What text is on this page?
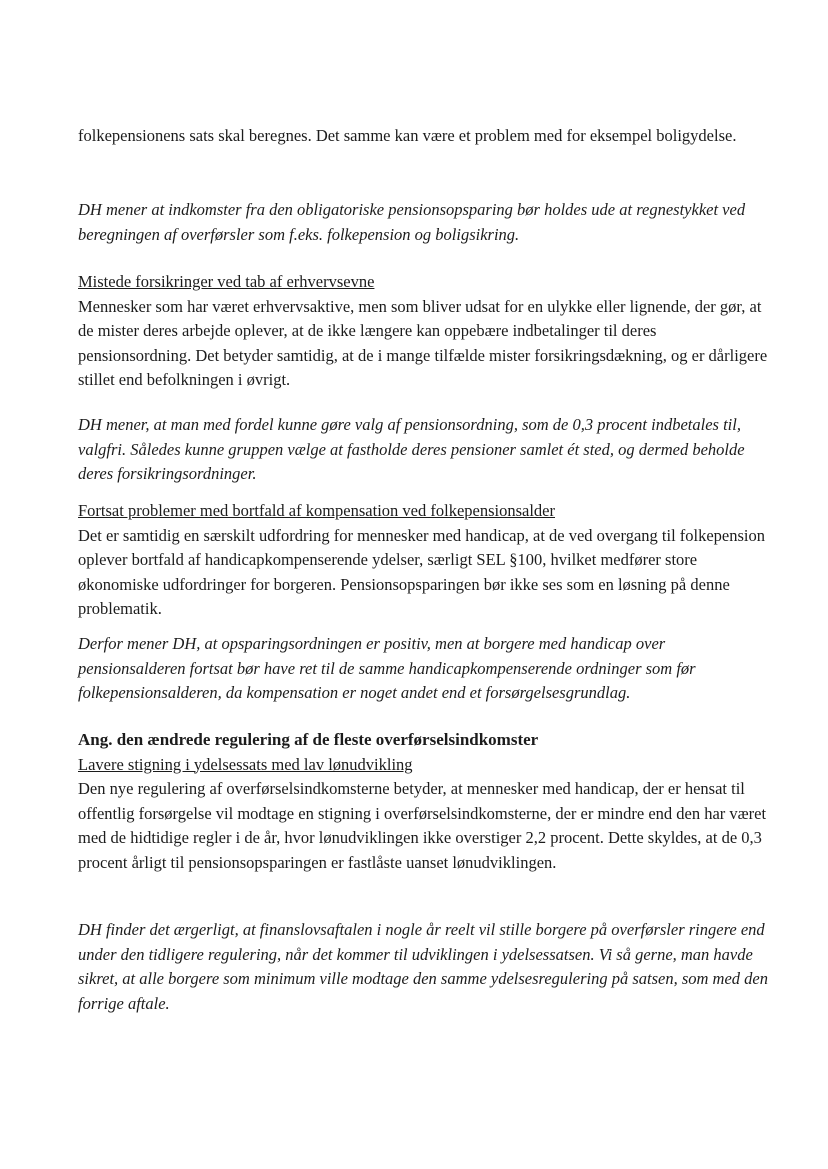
folkepensionens sats skal beregnes. Det samme kan være et problem med for eksempel boligydelse.

DH mener at indkomster fra den obligatoriske pensionsopsparing bør holdes ude at regnestykket ved beregningen af overførsler som f.eks. folkepension og boligsikring.

Mistede forsikringer ved tab af erhvervsevne

Mennesker som har været erhvervsaktive, men som bliver udsat for en ulykke eller lignende, der gør, at de mister deres arbejde oplever, at de ikke længere kan oppebære indbetalinger til deres pensionsordning. Det betyder samtidig, at de i mange tilfælde mister forsikringsdækning, og er dårligere stillet end befolkningen i øvrigt.

DH mener, at man med fordel kunne gøre valg af pensionsordning, som de 0,3 procent indbetales til, valgfri. Således kunne gruppen vælge at fastholde deres pensioner samlet ét sted, og dermed beholde deres forsikringsordninger.

Fortsat problemer med bortfald af kompensation ved folkepensionsalder

Det er samtidig en særskilt udfordring for mennesker med handicap, at de ved overgang til folkepension oplever bortfald af handicapkompenserende ydelser, særligt SEL §100, hvilket medfører store økonomiske udfordringer for borgeren. Pensionsopsparingen bør ikke ses som en løsning på denne problematik.

Derfor mener DH, at opsparingsordningen er positiv, men at borgere med handicap over pensionsalderen fortsat bør have ret til de samme handicapkompenserende ordninger som før folkepensionsalderen, da kompensation er noget andet end et forsørgelsesgrundlag.

Ang. den ændrede regulering af de fleste overførselsindkomster

Lavere stigning i ydelsessats med lav lønudvikling

Den nye regulering af overførselsindkomsterne betyder, at mennesker med handicap, der er hensat til offentlig forsørgelse vil modtage en stigning i overførselsindkomsterne, der er mindre end den har været med de hidtidige regler i de år, hvor lønudviklingen ikke overstiger 2,2 procent. Dette skyldes, at de 0,3 procent årligt til pensionsopsparingen er fastlåste uanset lønudviklingen.

DH finder det ærgerligt, at finanslovsaftalen i nogle år reelt vil stille borgere på overførsler ringere end under den tidligere regulering, når det kommer til udviklingen i ydelsessatsen. Vi så gerne, man havde sikret, at alle borgere som minimum ville modtage den samme ydelsesregulering på satsen, som med den forrige aftale.
